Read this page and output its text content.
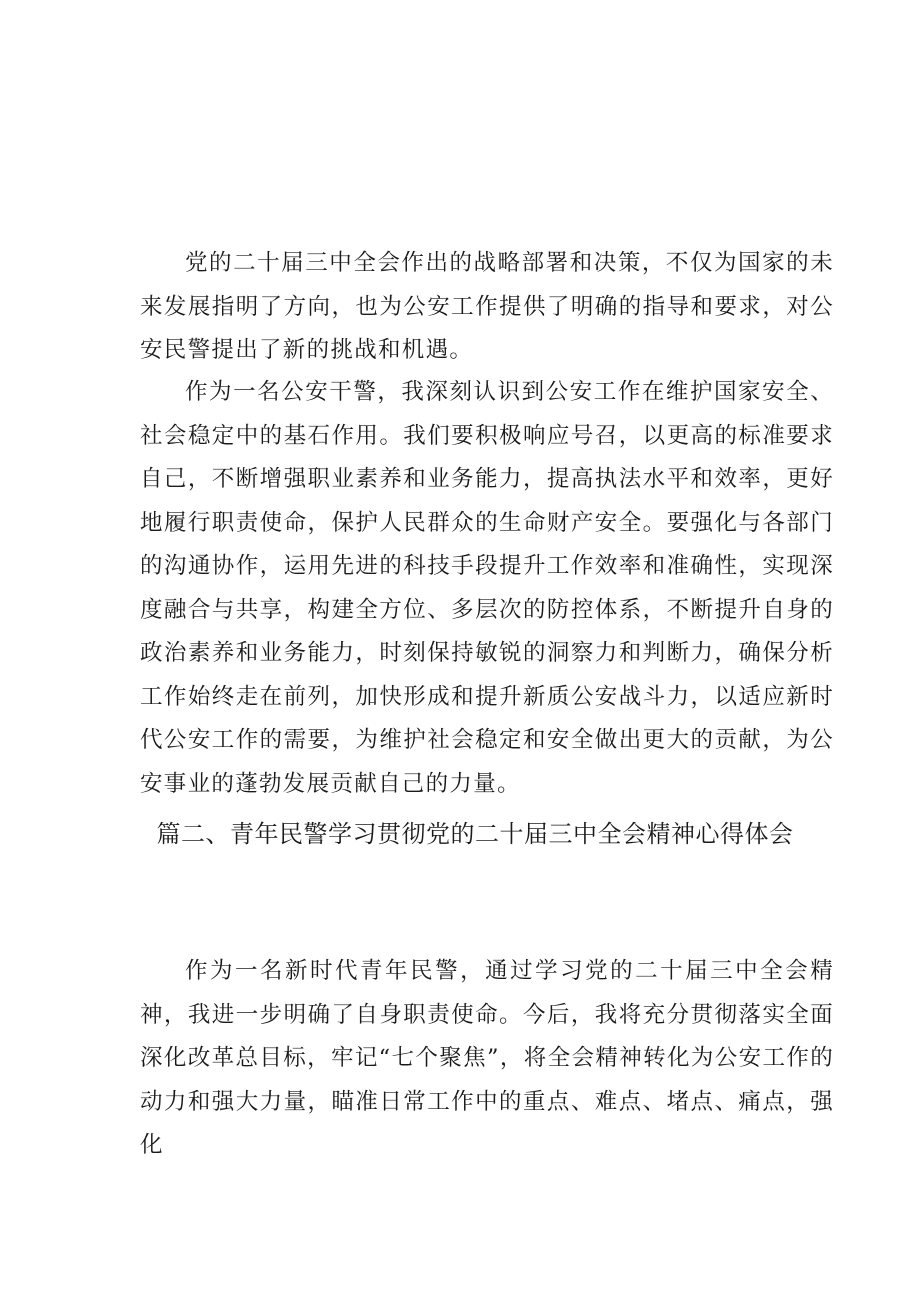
党的二十届三中全会作出的战略部署和决策，不仅为国家的未来发展指明了方向，也为公安工作提供了明确的指导和要求，对公安民警提出了新的挑战和机遇。

作为一名公安干警，我深刻认识到公安工作在维护国家安全、社会稳定中的基石作用。我们要积极响应号召，以更高的标准要求自己，不断增强职业素养和业务能力，提高执法水平和效率，更好地履行职责使命，保护人民群众的生命财产安全。要强化与各部门的沟通协作，运用先进的科技手段提升工作效率和准确性，实现深度融合与共享，构建全方位、多层次的防控体系，不断提升自身的政治素养和业务能力，时刻保持敏锐的洞察力和判断力，确保分析工作始终走在前列，加快形成和提升新质公安战斗力，以适应新时代公安工作的需要，为维护社会稳定和安全做出更大的贡献，为公安事业的蓬勃发展贡献自己的力量。

篇二、青年民警学习贯彻党的二十届三中全会精神心得体会

作为一名新时代青年民警，通过学习党的二十届三中全会精神，我进一步明确了自身职责使命。今后，我将充分贯彻落实全面深化改革总目标，牢记“七个聚焦”，将全会精神转化为公安工作的动力和强大力量，瞄准日常工作中的重点、难点、堵点、痛点，强化
